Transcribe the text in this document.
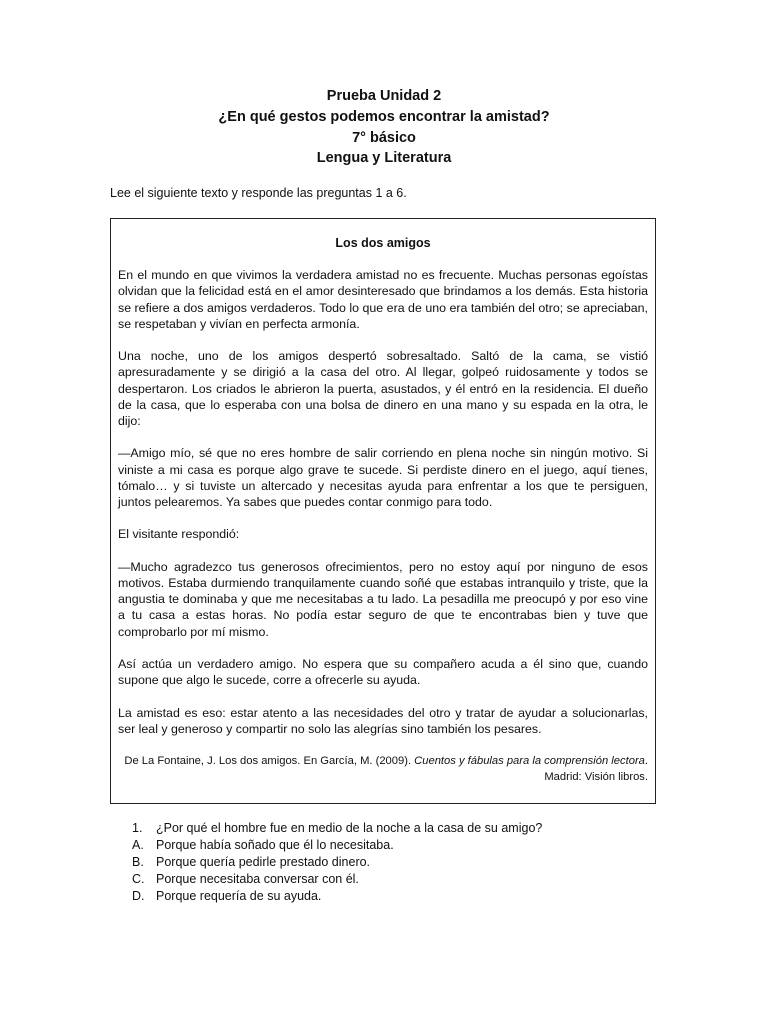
Prueba Unidad 2
¿En qué gestos podemos encontrar la amistad?
7° básico
Lengua y Literatura
Lee el siguiente texto y responde las preguntas 1 a 6.
Los dos amigos

En el mundo en que vivimos la verdadera amistad no es frecuente. Muchas personas egoístas olvidan que la felicidad está en el amor desinteresado que brindamos a los demás. Esta historia se refiere a dos amigos verdaderos. Todo lo que era de uno era también del otro; se apreciaban, se respetaban y vivían en perfecta armonía.

Una noche, uno de los amigos despertó sobresaltado. Saltó de la cama, se vistió apresuradamente y se dirigió a la casa del otro. Al llegar, golpeó ruidosamente y todos se despertaron. Los criados le abrieron la puerta, asustados, y él entró en la residencia. El dueño de la casa, que lo esperaba con una bolsa de dinero en una mano y su espada en la otra, le dijo:

—Amigo mío, sé que no eres hombre de salir corriendo en plena noche sin ningún motivo. Si viniste a mi casa es porque algo grave te sucede. Si perdiste dinero en el juego, aquí tienes, tómalo… y si tuviste un altercado y necesitas ayuda para enfrentar a los que te persiguen, juntos pelearemos. Ya sabes que puedes contar conmigo para todo.

El visitante respondió:

—Mucho agradezco tus generosos ofrecimientos, pero no estoy aquí por ninguno de esos motivos. Estaba durmiendo tranquilamente cuando soñé que estabas intranquilo y triste, que la angustia te dominaba y que me necesitabas a tu lado. La pesadilla me preocupó y por eso vine a tu casa a estas horas. No podía estar seguro de que te encontrabas bien y tuve que comprobarlo por mí mismo.

Así actúa un verdadero amigo. No espera que su compañero acuda a él sino que, cuando supone que algo le sucede, corre a ofrecerle su ayuda.

La amistad es eso: estar atento a las necesidades del otro y tratar de ayudar a solucionarlas, ser leal y generoso y compartir no solo las alegrías sino también los pesares.

De La Fontaine, J. Los dos amigos. En García, M. (2009). Cuentos y fábulas para la comprensión lectora. Madrid: Visión libros.

1.	¿Por qué el hombre fue en medio de la noche a la casa de su amigo?
A. Porque había soñado que él lo necesitaba.
B. Porque quería pedirle prestado dinero.
C. Porque necesitaba conversar con él.
D. Porque requería de su ayuda.
